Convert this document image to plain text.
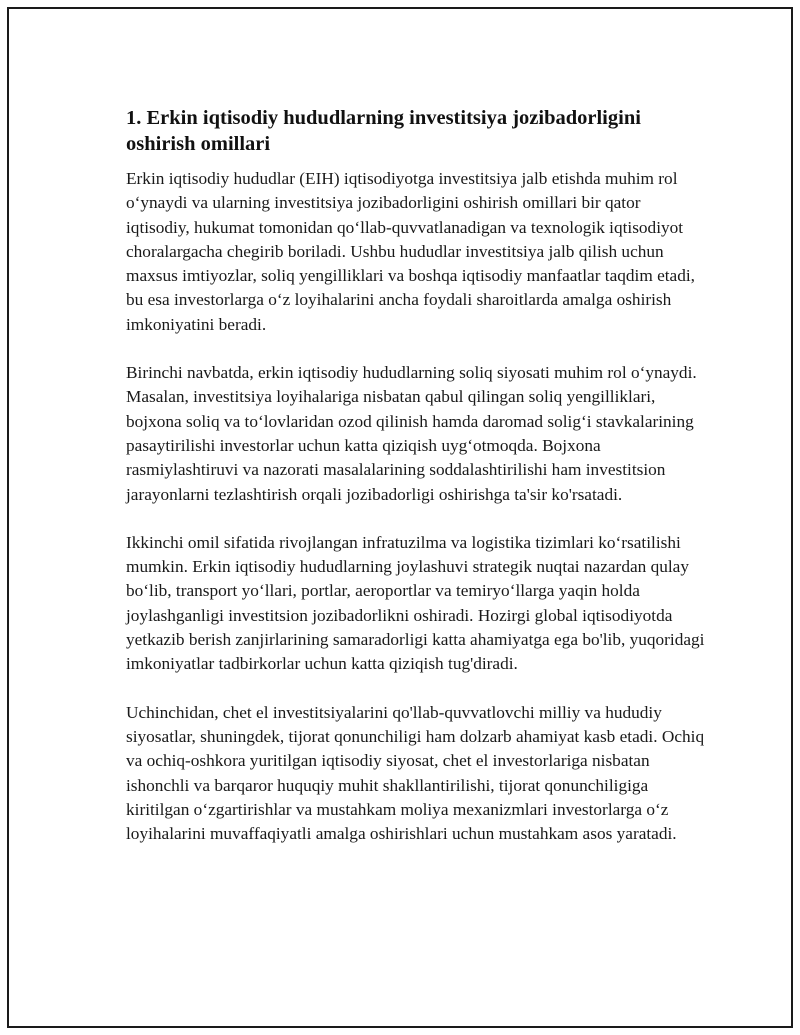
1. Erkin iqtisodiy hududlarning investitsiya jozibadorligini oshirish omillari

Erkin iqtisodiy hududlar (EIH) iqtisodiyotga investitsiya jalb etishda muhim rol oʻynaydi va ularning investitsiya jozibadorligini oshirish omillari bir qator iqtisodiy, hukumat tomonidan qoʻllab-quvvatlanadigan va texnologik iqtisodiyot choralargacha chegirib boriladi. Ushbu hududlar investitsiya jalb qilish uchun maxsus imtiyozlar, soliq yengilliklari va boshqa iqtisodiy manfaatlar taqdim etadi, bu esa investorlarga oʻz loyihalarini ancha foydali sharoitlarda amalga oshirish imkoniyatini beradi.

Birinchi navbatda, erkin iqtisodiy hududlarning soliq siyosati muhim rol oʻynaydi. Masalan, investitsiya loyihalariga nisbatan qabul qilingan soliq yengilliklari, bojxona soliq va toʻlovlaridan ozod qilinish hamda daromad soligʻi stavkalarining pasaytirilishi investorlar uchun katta qiziqish uygʻotmoqda. Bojxona rasmiylashtiruvi va nazorati masalalarining soddalashtirilishi ham investitsion jarayonlarni tezlashtirish orqali jozibadorligi oshirishga ta'sir ko'rsatadi.

Ikkinchi omil sifatida rivojlangan infratuzilma va logistika tizimlari koʻrsatilishi mumkin. Erkin iqtisodiy hududlarning joylashuvi strategik nuqtai nazardan qulay boʻlib, transport yoʻllari, portlar, aeroportlar va temiryoʻllarga yaqin holda joylashganligi investitsion jozibadorlikni oshiradi. Hozirgi global iqtisodiyotda yetkazib berish zanjirlarining samaradorligi katta ahamiyatga ega bo'lib, yuqoridagi imkoniyatlar tadbirkorlar uchun katta qiziqish tug'diradi.

Uchinchidan, chet el investitsiyalarini qo'llab-quvvatlovchi milliy va hududiy siyosatlar, shuningdek, tijorat qonunchiligi ham dolzarb ahamiyat kasb etadi. Ochiq va ochiq-oshkora yuritilgan iqtisodiy siyosat, chet el investorlariga nisbatan ishonchli va barqaror huquqiy muhit shakllantirilishi, tijorat qonunchiligiga kiritilgan oʻzgartirishlar va mustahkam moliya mexanizmlari investorlarga oʻz loyihalarini muvaffaqiyatli amalga oshirishlari uchun mustahkam asos yaratadi.
